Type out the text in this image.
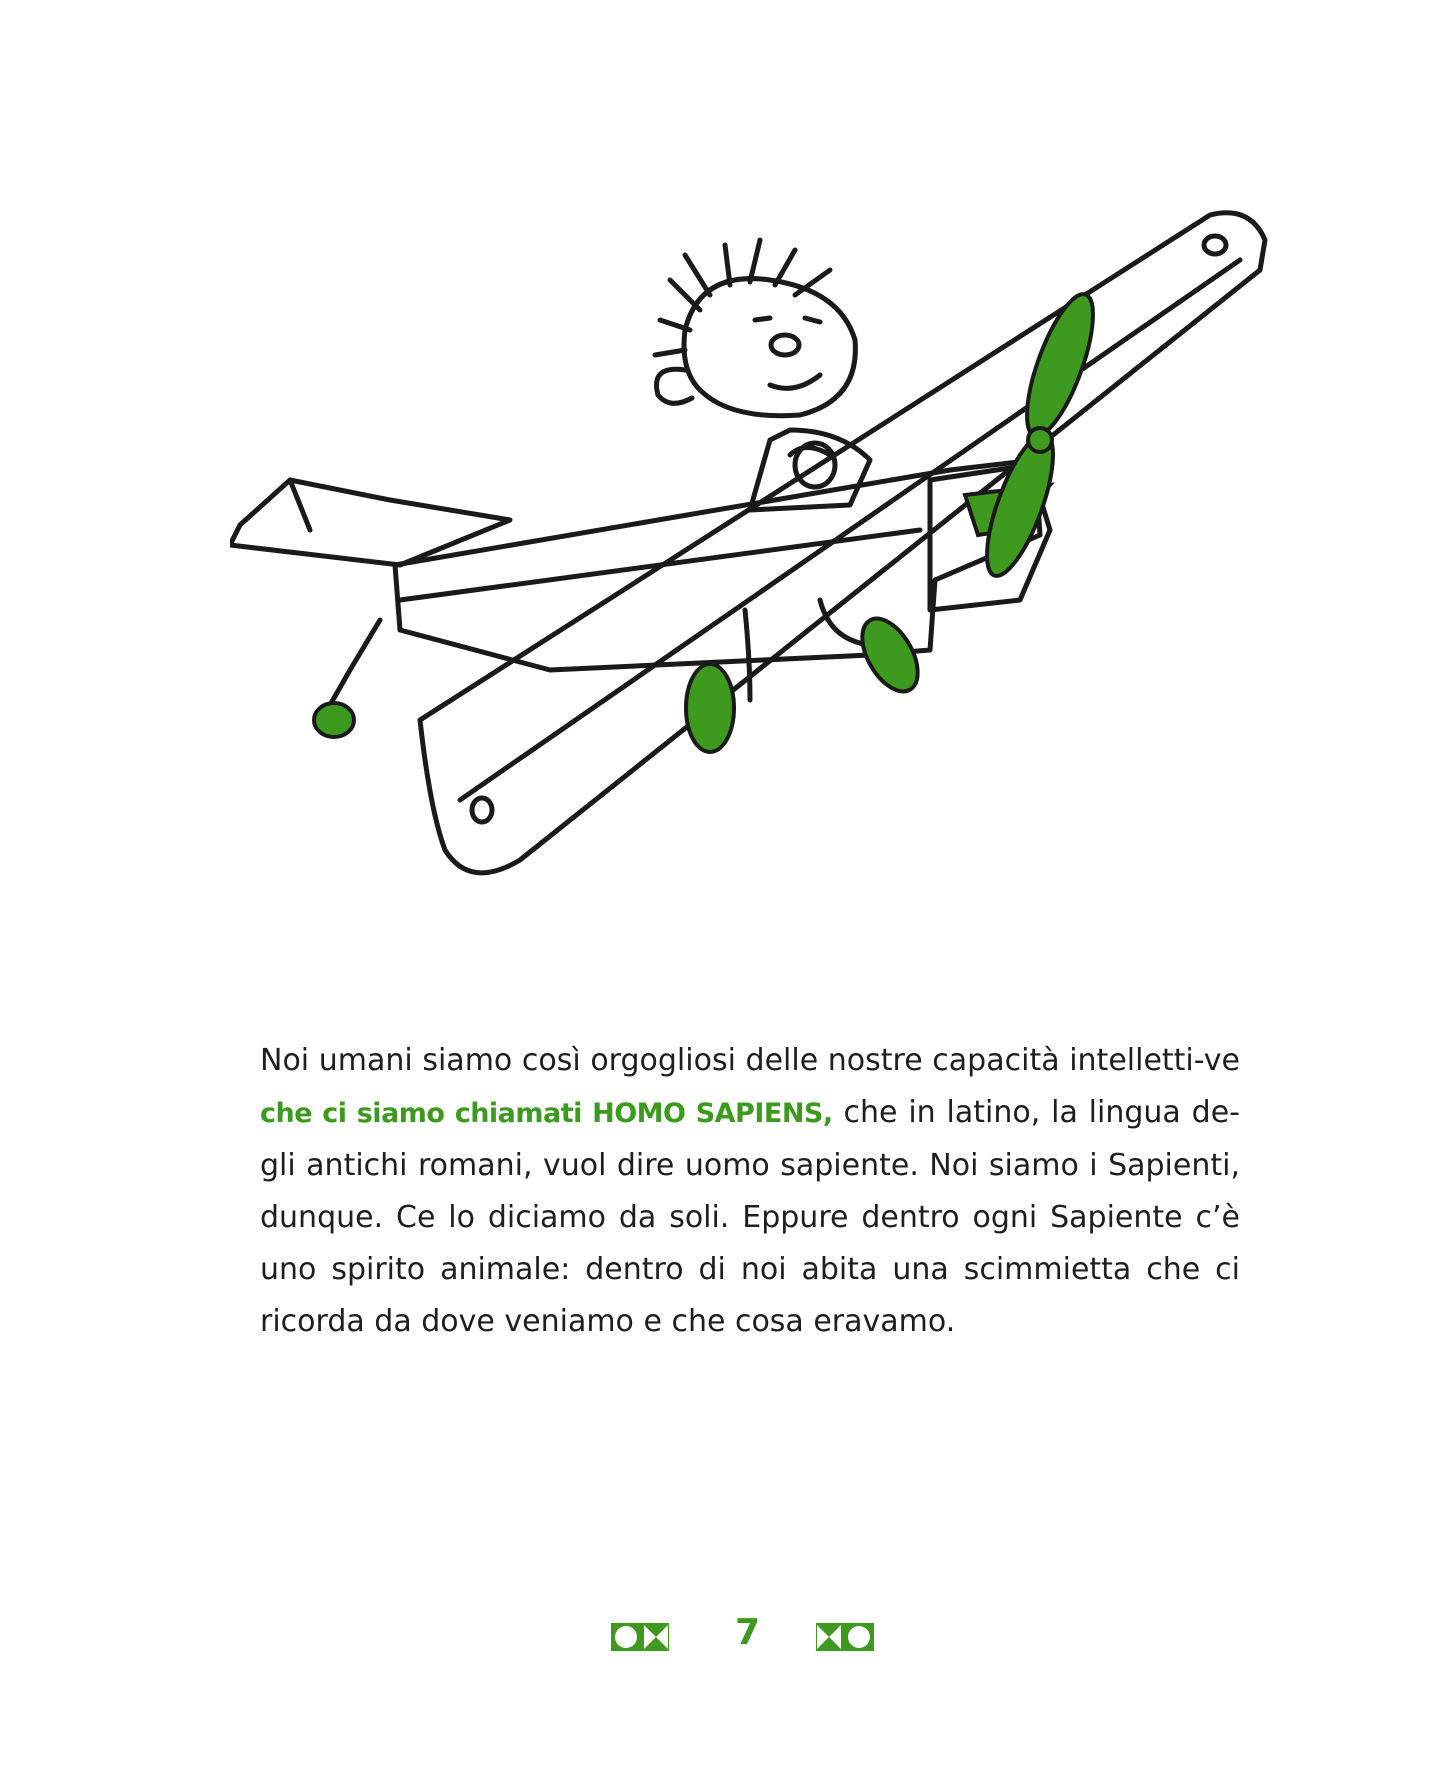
Noi umani siamo così orgogliosi delle nostre capacità intelletti-ve che ci siamo chiamati HOMO SAPIENS, che in latino, la lingua de-gli antichi romani, vuol dire uomo sapiente. Noi siamo i Sapienti, dunque. Ce lo diciamo da soli. Eppure dentro ogni Sapiente c’è uno spirito animale: dentro di noi abita una scimmietta che ci ricorda da dove veniamo e che cosa eravamo.

7
